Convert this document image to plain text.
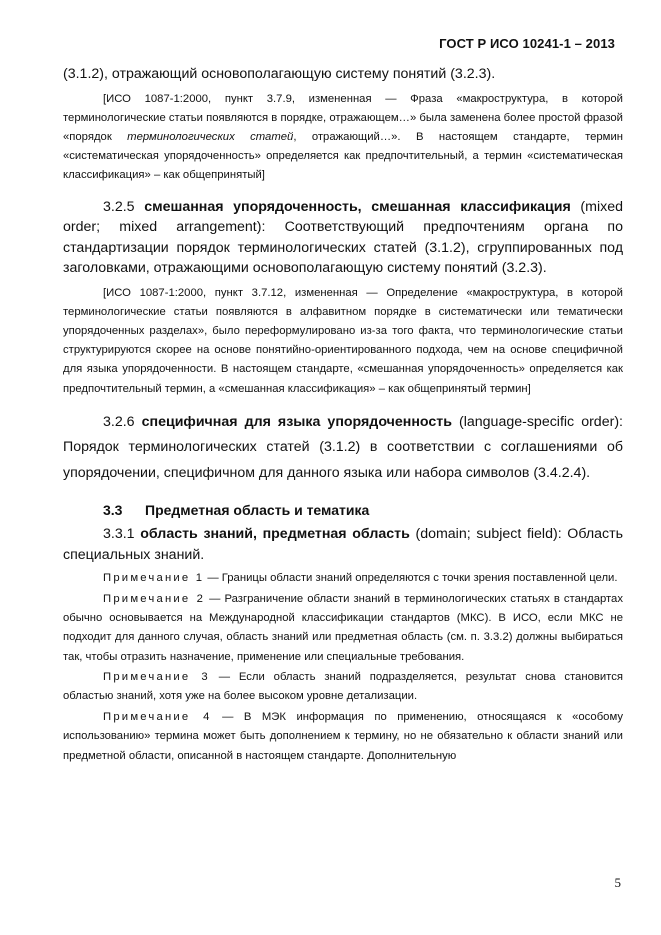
ГОСТ Р ИСО 10241-1 – 2013

(3.1.2), отражающий основополагающую систему понятий (3.2.3).

[ИСО 1087-1:2000, пункт 3.7.9, измененная — Фраза «макроструктура, в которой терминологические статьи появляются в порядке, отражающем…» была заменена более простой фразой «порядок терминологических статей, отражающий…». В настоящем стандарте, термин «систематическая упорядоченность» определяется как предпочтительный, а термин «систематическая классификация» – как общепринятый]

3.2.5 смешанная упорядоченность, смешанная классификация (mixed order; mixed arrangement): Соответствующий предпочтениям органа по стандартизации порядок терминологических статей (3.1.2), сгруппированных под заголовками, отражающими основополагающую систему понятий (3.2.3).

[ИСО 1087-1:2000, пункт 3.7.12, измененная — Определение «макроструктура, в которой терминологические статьи появляются в алфавитном порядке в систематически или тематически упорядоченных разделах», было переформулировано из-за того факта, что терминологические статьи структурируются скорее на основе понятийно-ориентированного подхода, чем на основе специфичной для языка упорядоченности. В настоящем стандарте, «смешанная упорядоченность» определяется как предпочтительный термин, а «смешанная классификация» – как общепринятый термин]

3.2.6 специфичная для языка упорядоченность (language-specific order): Порядок терминологических статей (3.1.2) в соответствии с соглашениями об упорядочении, специфичном для данного языка или набора символов (3.4.2.4).

3.3 Предметная область и тематика

3.3.1 область знаний, предметная область (domain; subject field): Область специальных знаний.

Примечание 1 — Границы области знаний определяются с точки зрения поставленной цели.

Примечание 2 — Разграничение области знаний в терминологических статьях в стандартах обычно основывается на Международной классификации стандартов (МКС). В ИСО, если МКС не подходит для данного случая, область знаний или предметная область (см. п. 3.3.2) должны выбираться так, чтобы отразить назначение, применение или специальные требования.

Примечание 3 — Если область знаний подразделяется, результат снова становится областью знаний, хотя уже на более высоком уровне детализации.

Примечание 4 — В МЭК информация по применению, относящаяся к «особому использованию» термина может быть дополнением к термину, но не обязательно к области знаний или предметной области, описанной в настоящем стандарте. Дополнительную

5
